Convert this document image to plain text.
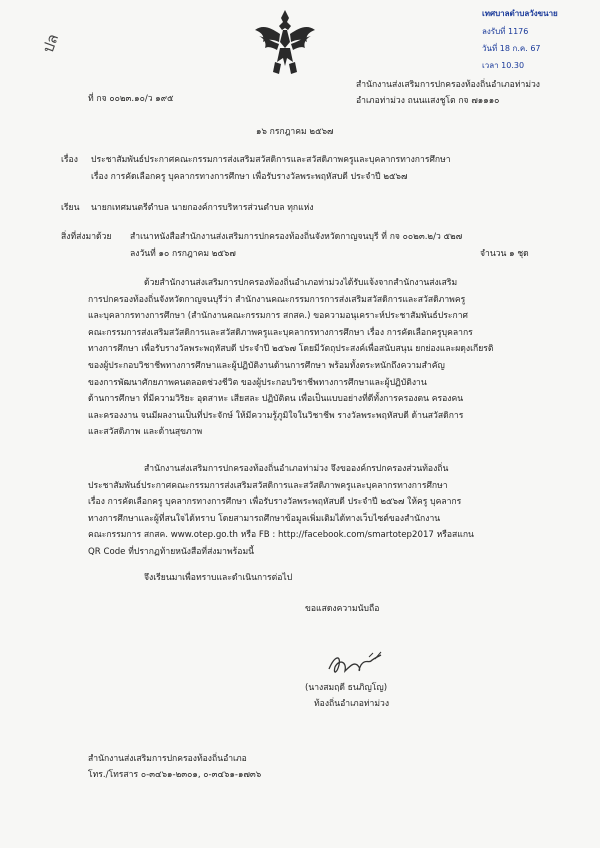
ปล
เทศบาลตำบลวังขนาย
ลงรับที่ 1176
วันที่ 18 ก.ค. 67
เวลา 10.30
ที่ กจ ๐๐๒๓.๑๐/ว ๑๙๕
สำนักงานส่งเสริมการปกครองท้องถิ่นอำเภอท่าม่วง
อำเภอท่าม่วง ถนนแสงชูโต กจ ๗๑๑๑๐
๑๖ กรกฎาคม ๒๕๖๗
เรื่อง ประชาสัมพันธ์ประกาศคณะกรรมการส่งเสริมสวัสดิการและสวัสดิภาพครูและบุคลากรทางการศึกษา
เรื่อง การคัดเลือกครู บุคลากรทางการศึกษา เพื่อรับรางวัลพระพฤหัสบดี ประจำปี ๒๕๖๗
เรียน นายกเทศมนตรีตำบล นายกองค์การบริหารส่วนตำบล ทุกแห่ง
สิ่งที่ส่งมาด้วย สำเนาหนังสือสำนักงานส่งเสริมการปกครองท้องถิ่นจังหวัดกาญจนบุรี ที่ กจ ๐๐๒๓.๒/ว ๕๒๗
ลงวันที่ ๑๐ กรกฎาคม ๒๕๖๗	จำนวน ๑ ชุด
ด้วยสำนักงานส่งเสริมการปกครองท้องถิ่นอำเภอท่าม่วงได้รับแจ้งจากสำนักงานส่งเสริม
การปกครองท้องถิ่นจังหวัดกาญจนบุรีว่า สำนักงานคณะกรรมการการส่งเสริมสวัสดิการและสวัสดิภาพครู
และบุคลากรทางการศึกษา (สำนักงานคณะกรรมการ สกสค.) ขอความอนุเคราะห์ประชาสัมพันธ์ประกาศ
คณะกรรมการส่งเสริมสวัสดิการและสวัสดิภาพครูและบุคลากรทางการศึกษา เรื่อง การคัดเลือกครูบุคลากร
ทางการศึกษา เพื่อรับรางวัลพระพฤหัสบดี ประจำปี ๒๕๖๗ โดยมีวัตถุประสงค์เพื่อสนับสนุน ยกย่องและผดุงเกียรติ
ของผู้ประกอบวิชาชีพทางการศึกษาและผู้ปฏิบัติงานด้านการศึกษา พร้อมทั้งตระหนักถึงความสำคัญ
ของการพัฒนาศักยภาพคนตลอดช่วงชีวิต ของผู้ประกอบวิชาชีพทางการศึกษาและผู้ปฏิบัติงาน
ด้านการศึกษา ที่มีความวิริยะ อุตสาหะ เสียสละ ปฏิบัติตน เพื่อเป็นแบบอย่างที่ดีทั้งการครองตน ครองคน
และครองงาน จนมีผลงานเป็นที่ประจักษ์ ให้มีความรู้ภูมิใจในวิชาชีพ รางวัลพระพฤหัสบดี ด้านสวัสดิการ
และสวัสดิภาพ และด้านสุขภาพ
สำนักงานส่งเสริมการปกครองท้องถิ่นอำเภอท่าม่วง จึงขอองค์กรปกครองส่วนท้องถิ่น
ประชาสัมพันธ์ประกาศคณะกรรมการส่งเสริมสวัสดิการและสวัสดิภาพครูและบุคลากรทางการศึกษา
เรื่อง การคัดเลือกครู บุคลากรทางการศึกษา เพื่อรับรางวัลพระพฤหัสบดี ประจำปี ๒๕๖๗ ให้ครู บุคลากร
ทางการศึกษาและผู้ที่สนใจได้ทราบ โดยสามารถศึกษาข้อมูลเพิ่มเติมได้ทางเว็บไซต์ของสำนักงาน
คณะกรรมการ สกสค. www.otep.go.th หรือ FB : http://facebook.com/smartotep2017 หรือสแกน
QR Code ที่ปรากฏท้ายหนังสือที่ส่งมาพร้อมนี้
จึงเรียนมาเพื่อทราบและดำเนินการต่อไป
ขอแสดงความนับถือ
(นางสมฤดี ธนภิญโญ)
ท้องถิ่นอำเภอท่าม่วง
สำนักงานส่งเสริมการปกครองท้องถิ่นอำเภอ
โทร./โทรสาร ๐-๓๔๖๑-๒๓๐๑, ๐-๓๔๖๑-๑๗๓๖
